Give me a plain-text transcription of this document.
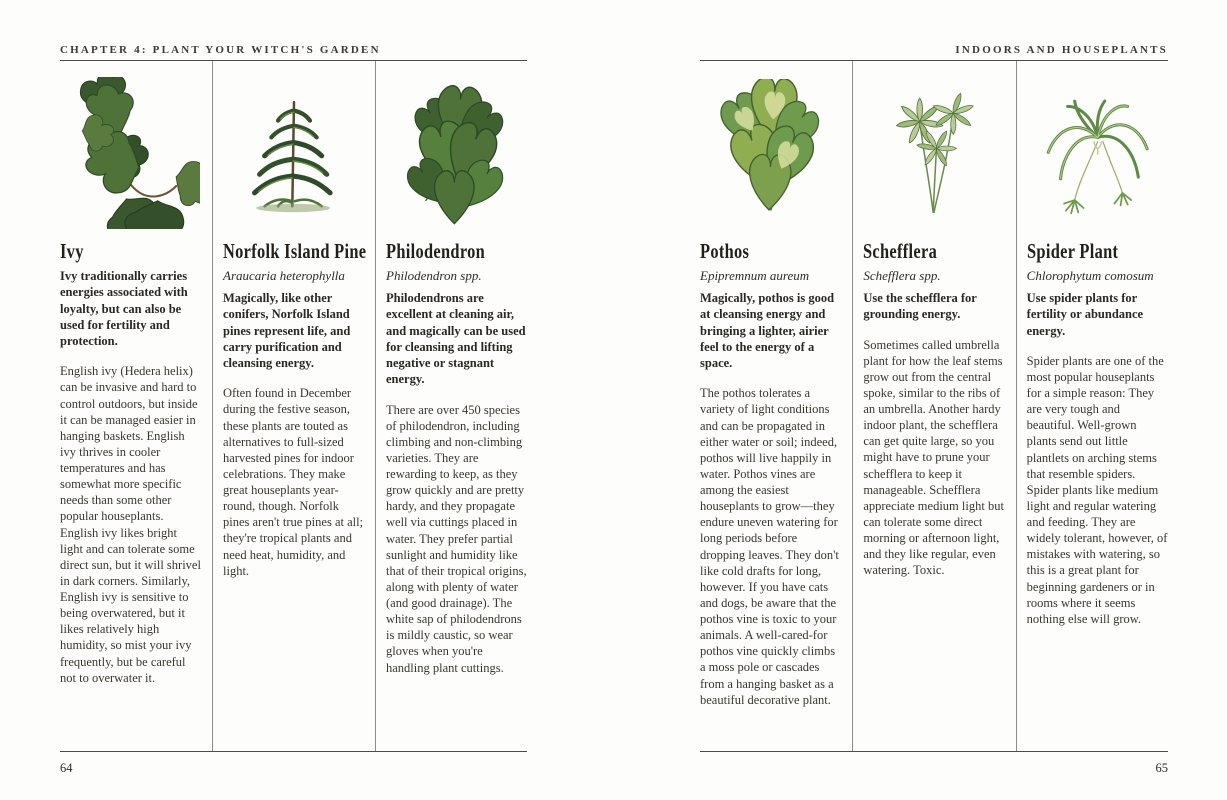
CHAPTER 4: PLANT YOUR WITCH'S GARDEN
Ivy

Ivy traditionally carries energies associated with loyalty, but can also be used for fertility and protection.

English ivy (Hedera helix) can be invasive and hard to control outdoors, but inside it can be managed easier in hanging baskets. English ivy thrives in cooler temperatures and has somewhat more specific needs than some other popular houseplants. English ivy likes bright light and can tolerate some direct sun, but it will shrivel in dark corners. Similarly, English ivy is sensitive to being overwatered, but it likes relatively high humidity, so mist your ivy frequently, but be careful not to overwater it.

Norfolk Island Pine

Araucaria heterophylla

Magically, like other conifers, Norfolk Island pines represent life, and carry purification and cleansing energy.

Often found in December during the festive season, these plants are touted as alternatives to full-sized harvested pines for indoor celebrations. They make great houseplants year-round, though. Norfolk pines aren't true pines at all; they're tropical plants and need heat, humidity, and light.

Philodendron

Philodendron spp.

Philodendrons are excellent at cleaning air, and magically can be used for cleansing and lifting negative or stagnant energy.

There are over 450 species of philodendron, including climbing and non-climbing varieties. They are rewarding to keep, as they grow quickly and are pretty hardy, and they propagate well via cuttings placed in water. They prefer partial sunlight and humidity like that of their tropical origins, along with plenty of water (and good drainage). The white sap of philodendrons is mildly caustic, so wear gloves when you're handling plant cuttings.

64
INDOORS AND HOUSEPLANTS
Pothos

Epipremnum aureum

Magically, pothos is good at cleansing energy and bringing a lighter, airier feel to the energy of a space.

The pothos tolerates a variety of light conditions and can be propagated in either water or soil; indeed, pothos will live happily in water. Pothos vines are among the easiest houseplants to grow—they endure uneven watering for long periods before dropping leaves. They don't like cold drafts for long, however. If you have cats and dogs, be aware that the pothos vine is toxic to your animals. A well-cared-for pothos vine quickly climbs a moss pole or cascades from a hanging basket as a beautiful decorative plant.

Schefflera

Schefflera spp.

Use the schefflera for grounding energy.

Sometimes called umbrella plant for how the leaf stems grow out from the central spoke, similar to the ribs of an umbrella. Another hardy indoor plant, the schefflera can get quite large, so you might have to prune your schefflera to keep it manageable. Schefflera appreciate medium light but can tolerate some direct morning or afternoon light, and they like regular, even watering. Toxic.

Spider Plant

Chlorophytum comosum

Use spider plants for fertility or abundance energy.

Spider plants are one of the most popular houseplants for a simple reason: They are very tough and beautiful. Well-grown plants send out little plantlets on arching stems that resemble spiders. Spider plants like medium light and regular watering and feeding. They are widely tolerant, however, of mistakes with watering, so this is a great plant for beginning gardeners or in rooms where it seems nothing else will grow.

65
